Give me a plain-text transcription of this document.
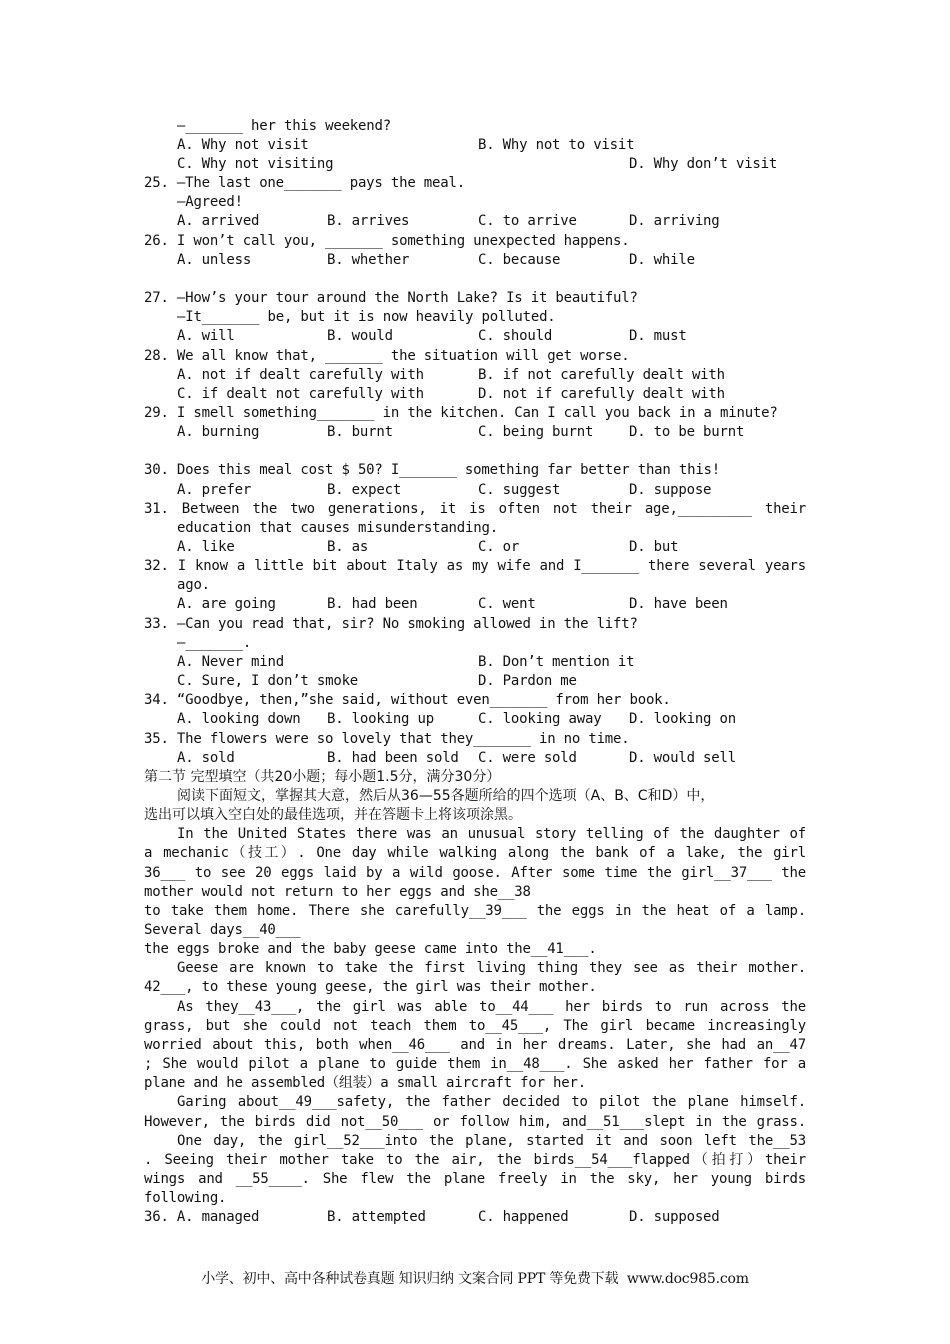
—_______ her this weekend?
A. Why not visit	B. Why not to visit
C. Why not visiting	D. Why don’t visit
25. —The last one_______ pays the meal.
—Agreed!
A. arrived	B. arrives	C. to arrive	D. arriving
26. I won’t call you, _______ something unexpected happens.
A. unless	B. whether	C. because	D. while
27. —How’s your tour around the North Lake? Is it beautiful?
—It_______ be, but it is now heavily polluted.
A. will	B. would	C. should	D. must
28. We all know that, _______ the situation will get worse.
A. not if dealt carefully with	B. if not carefully dealt with
C. if dealt not carefully with	D. not if carefully dealt with
29. I smell something_______ in the kitchen. Can I call you back in a minute?
A. burning	B. burnt	C. being burnt	D. to be burnt
30. Does this meal cost $ 50? I_______ something far better than this!
A. prefer	B. expect	C. suggest	D. suppose
31. Between the two generations, it is often not their age,_________ their
education that causes misunderstanding.
A. like	B. as	C. or	D. but
32. I know a little bit about Italy as my wife and I_______ there several years
ago.
A. are going	B. had been	C. went	D. have been
33. —Can you read that, sir? No smoking allowed in the lift?
—_______.
A. Never mind	B. Don’t mention it
C. Sure, I don’t smoke	D. Pardon me
34. “Goodbye, then,”she said, without even_______ from her book.
A. looking down B. looking up	C. looking away D. looking on
35. The flowers were so lovely that they_______ in no time.
A. sold	B. had been sold C. were sold	D. would sell
第二节 完型填空（共20小题；每小题1.5分，满分30分）
阅读下面短文，掌握其大意，然后从36—55各题所给的四个选项（A、B、C和D）中，
选出可以填入空白处的最佳选项，并在答题卡上将该项涂黑。
In the United States there was an unusual story telling of the daughter of
a mechanic（技工）. One day while walking along the bank of a lake, the girl
36___ to see 20 eggs laid by a wild goose. After some time the girl__37___ the
mother would not return to her eggs and she__38
to take them home. There she carefully__39___ the eggs in the heat of a lamp.
Several days__40___
the eggs broke and the baby geese came into the__41___.
Geese are known to take the first living thing they see as their mother.
42___, to these young geese, the girl was their mother.
As they__43___, the girl was able to__44___ her birds to run across the
grass, but she could not teach them to__45___, The girl became increasingly
worried about this, both when__46___ and in her dreams. Later, she had an__47
; She would pilot a plane to guide them in__48___. She asked her father for a
plane and he assembled（组装）a small aircraft for her.
Garing about__49___safety, the father decided to pilot the plane himself.
However, the birds did not__50___ or follow him, and__51___slept in the grass.
One day, the girl__52___into the plane, started it and soon left the__53
. Seeing their mother take to the air, the birds__54___flapped（拍打）their
wings and __55____. She flew the plane freely in the sky, her young birds
following.
36. A. managed	B. attempted	C. happened	D. supposed
小学、初中、高中各种试卷真题 知识归纳 文案合同 PPT 等免费下载  www.doc985.com
